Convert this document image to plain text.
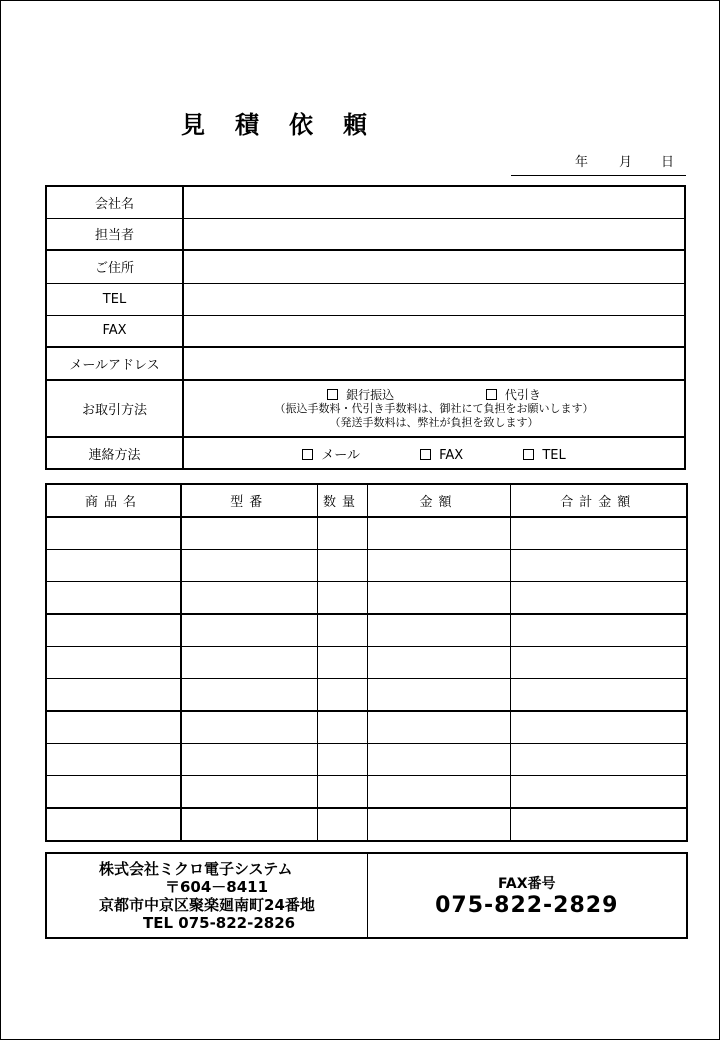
見 積 依 頼
年 月 日
会社名	
担当者	
ご住所	
TEL	
FAX	
メールアドレス	
お取引方法	銀行振込 代引き
（振込手数料・代引き手数料は、御社にて負担をお願いします）
（発送手数料は、弊社が負担を致します）

連絡方法	メール FAX TEL
商品名	型番	数量	金額	合計金額

株式会社ミクロ電子システム
〒604－8411
京都市中京区聚楽廻南町24番地
TEL 075-822-2826

FAX番号
075-822-2829
